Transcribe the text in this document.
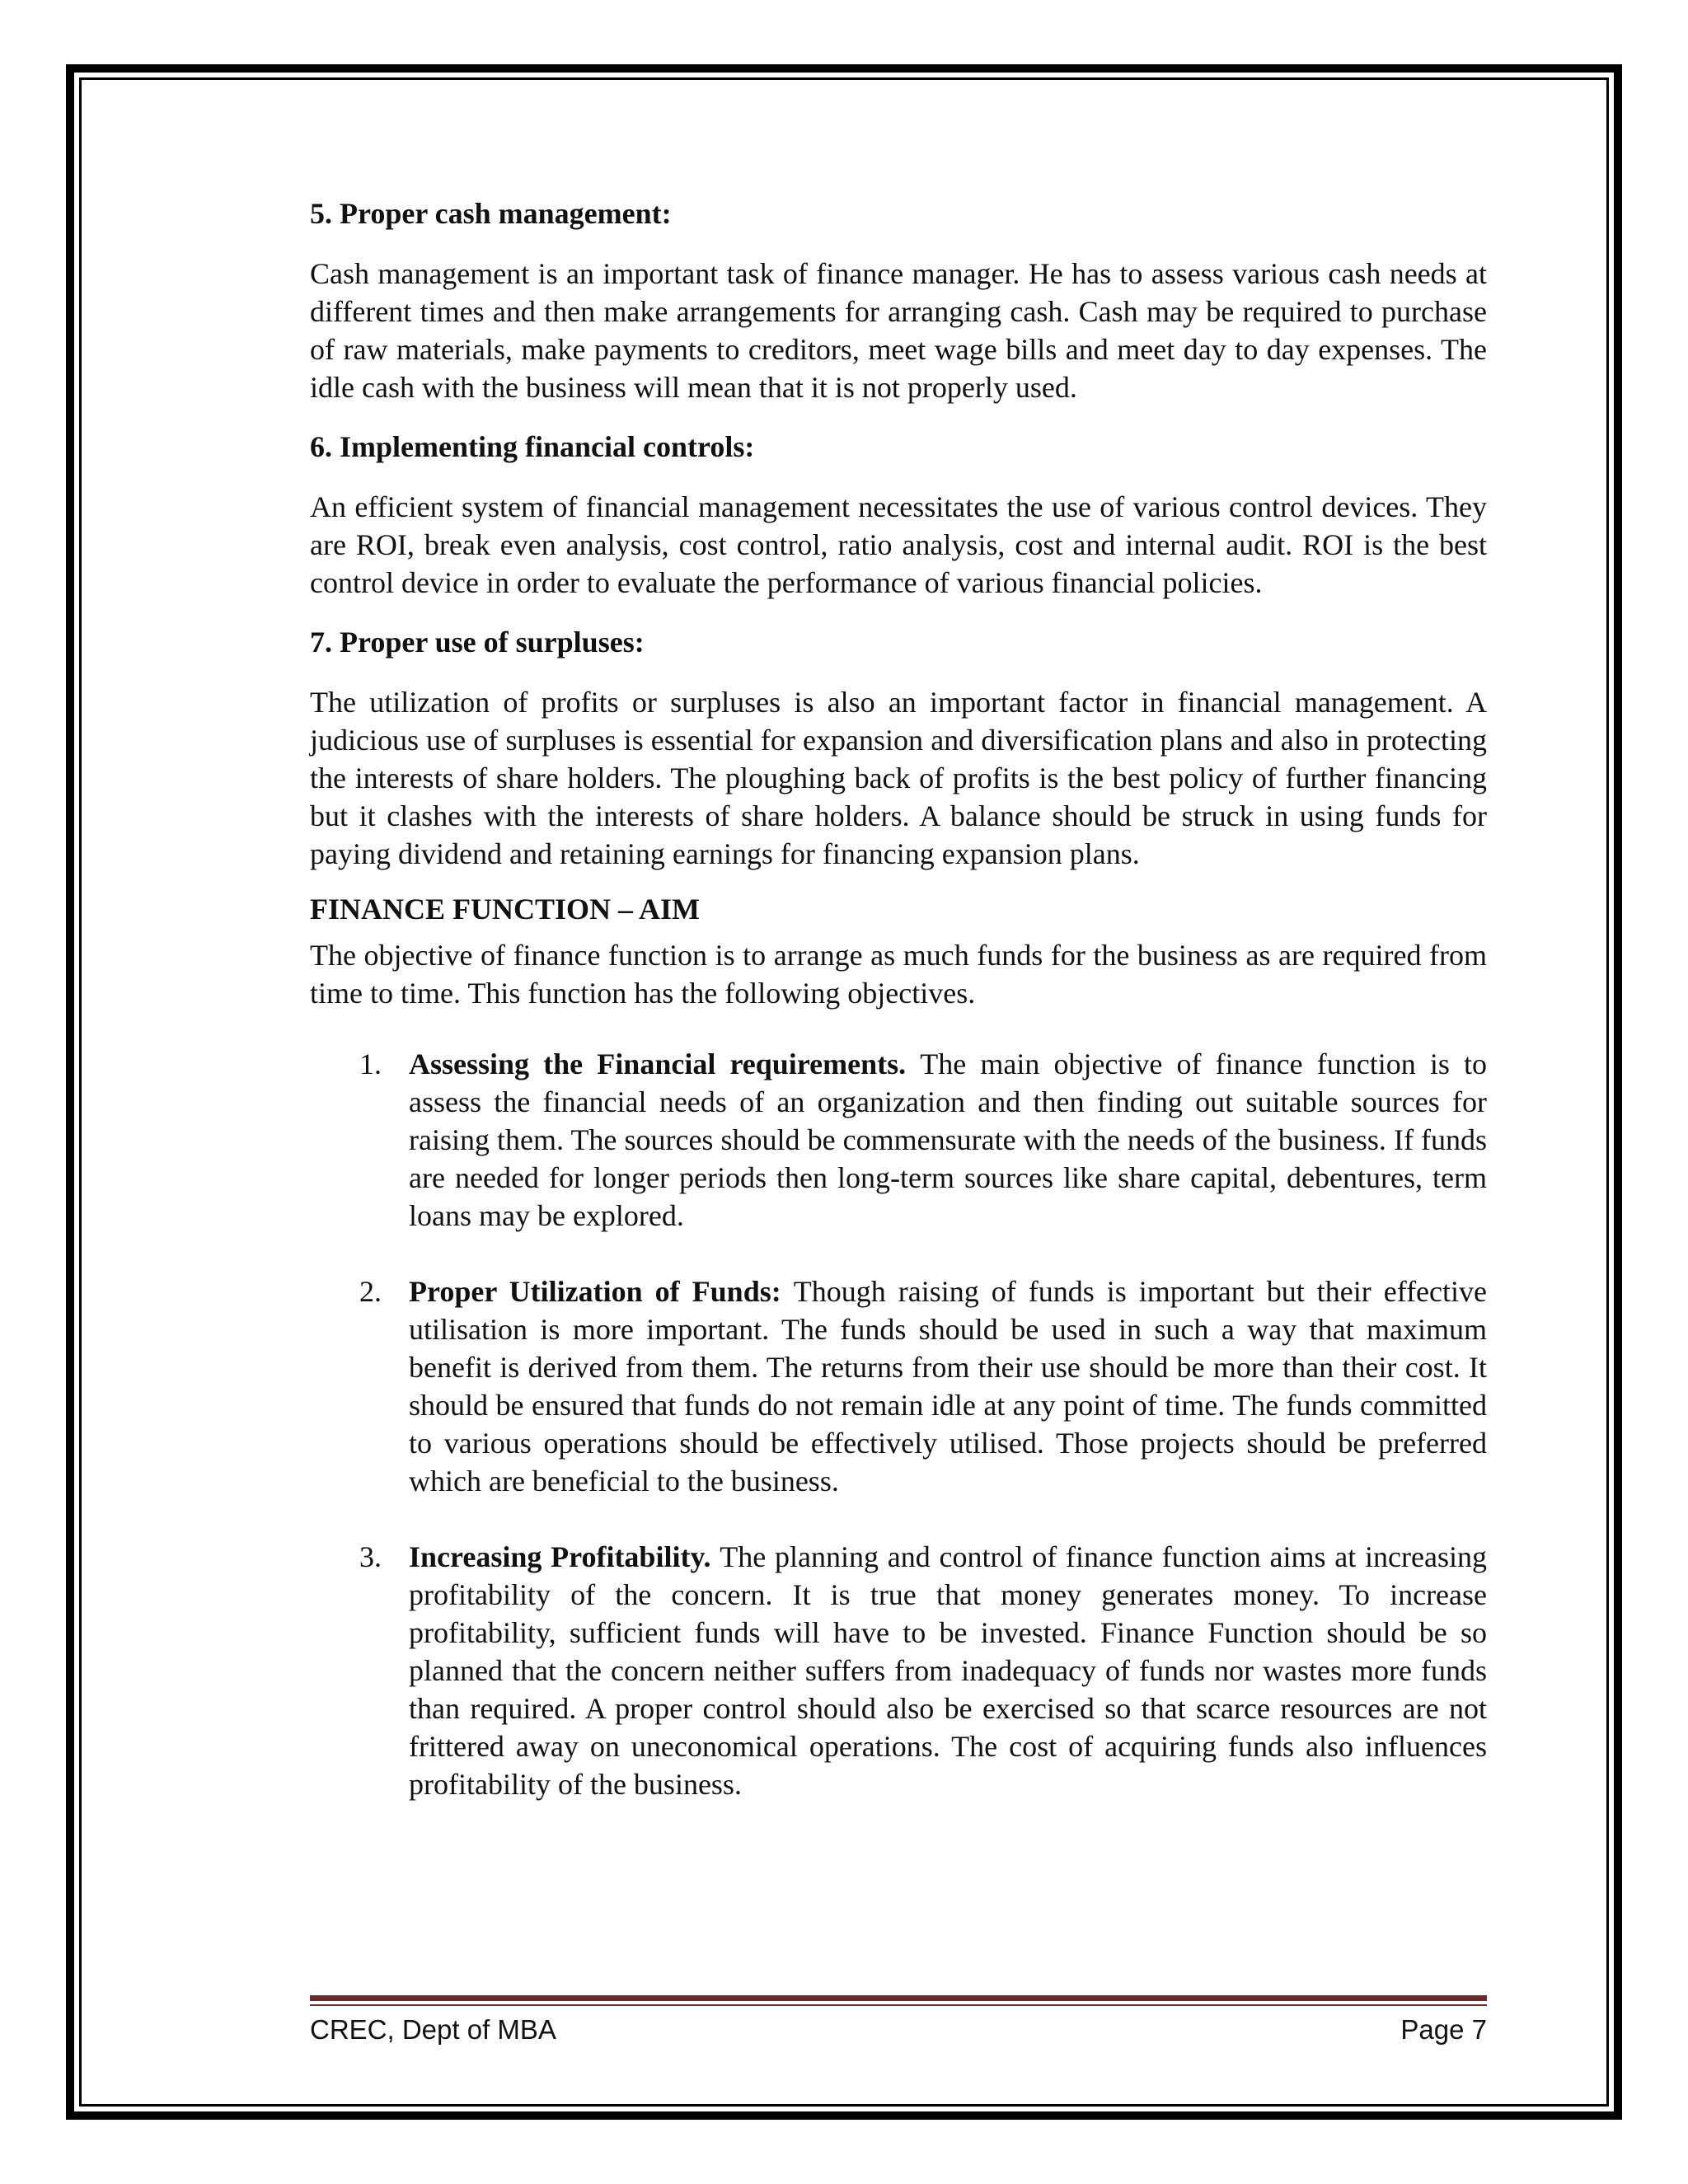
5. Proper cash management:

Cash management is an important task of finance manager. He has to assess various cash needs at different times and then make arrangements for arranging cash. Cash may be required to purchase of raw materials, make payments to creditors, meet wage bills and meet day to day expenses. The idle cash with the business will mean that it is not properly used.

6. Implementing financial controls:

An efficient system of financial management necessitates the use of various control devices. They are ROI, break even analysis, cost control, ratio analysis, cost and internal audit. ROI is the best control device in order to evaluate the performance of various financial policies.

7. Proper use of surpluses:

The utilization of profits or surpluses is also an important factor in financial management. A judicious use of surpluses is essential for expansion and diversification plans and also in protecting the interests of share holders. The ploughing back of profits is the best policy of further financing but it clashes with the interests of share holders. A balance should be struck in using funds for paying dividend and retaining earnings for financing expansion plans.

FINANCE FUNCTION – AIM

The objective of finance function is to arrange as much funds for the business as are required from time to time. This function has the following objectives.

1. Assessing the Financial requirements. The main objective of finance function is to assess the financial needs of an organization and then finding out suitable sources for raising them. The sources should be commensurate with the needs of the business. If funds are needed for longer periods then long-term sources like share capital, debentures, term loans may be explored.
2. Proper Utilization of Funds: Though raising of funds is important but their effective utilisation is more important. The funds should be used in such a way that maximum benefit is derived from them. The returns from their use should be more than their cost. It should be ensured that funds do not remain idle at any point of time. The funds committed to various operations should be effectively utilised. Those projects should be preferred which are beneficial to the business.
3. Increasing Profitability. The planning and control of finance function aims at increasing profitability of the concern. It is true that money generates money. To increase profitability, sufficient funds will have to be invested. Finance Function should be so planned that the concern neither suffers from inadequacy of funds nor wastes more funds than required. A proper control should also be exercised so that scarce resources are not frittered away on uneconomical operations. The cost of acquiring funds also influences profitability of the business.
CREC, Dept of MBA	Page 7
